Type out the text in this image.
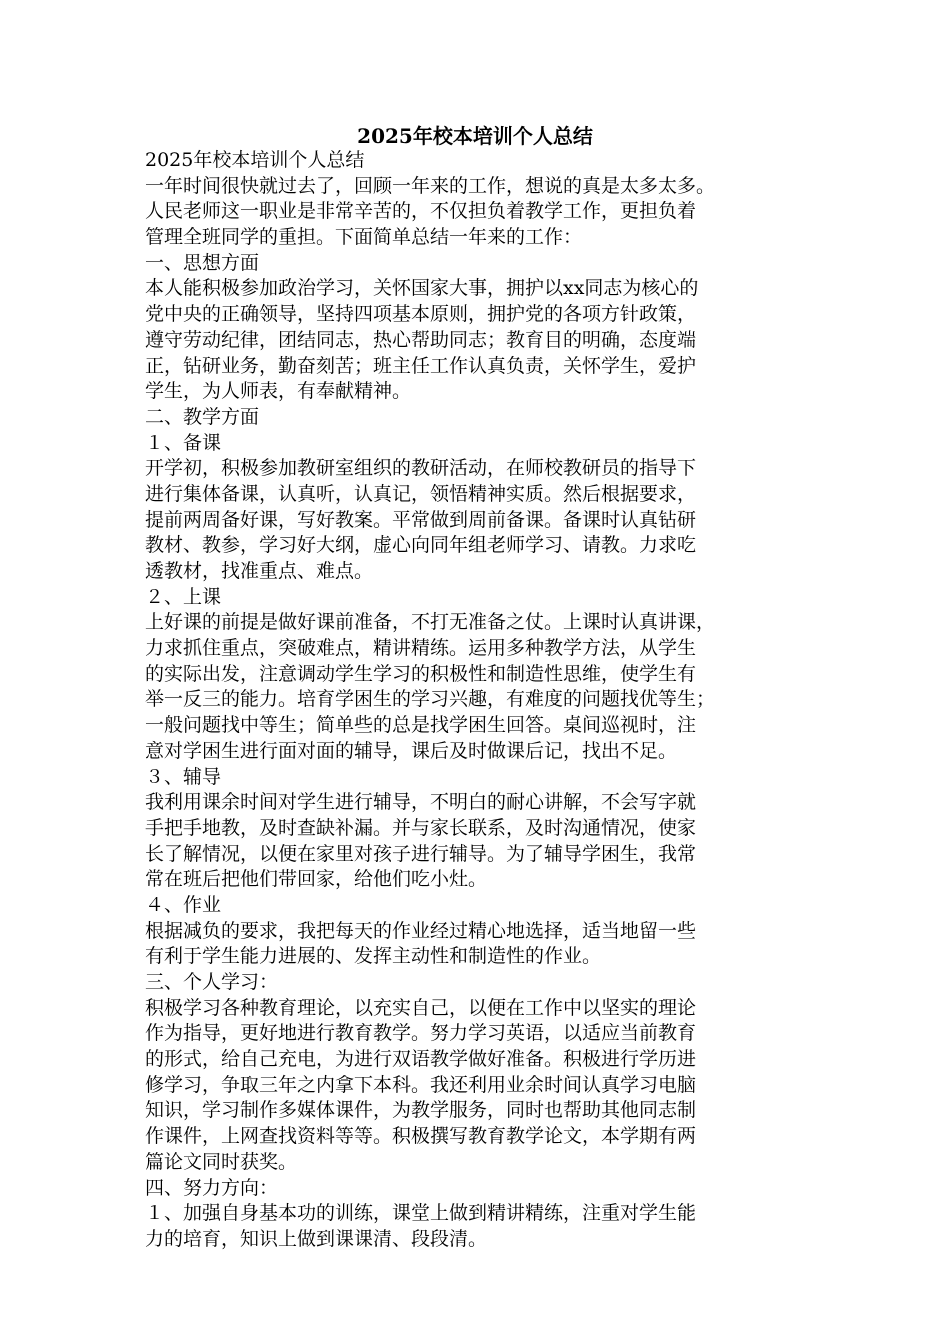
2025年校本培训个人总结
2025年校本培训个人总结
一年时间很快就过去了，回顾一年来的工作，想说的真是太多太多。
人民老师这一职业是非常辛苦的，不仅担负着教学工作，更担负着
管理全班同学的重担。下面简单总结一年来的工作：
一、思想方面
本人能积极参加政治学习，关怀国家大事，拥护以xx同志为核心的
党中央的正确领导，坚持四项基本原则，拥护党的各项方针政策，
遵守劳动纪律，团结同志，热心帮助同志；教育目的明确，态度端
正，钻研业务，勤奋刻苦；班主任工作认真负责，关怀学生，爱护
学生，为人师表，有奉献精神。
二、教学方面
１、备课
开学初，积极参加教研室组织的教研活动，在师校教研员的指导下
进行集体备课，认真听，认真记，领悟精神实质。然后根据要求，
提前两周备好课，写好教案。平常做到周前备课。备课时认真钻研
教材、教参，学习好大纲，虚心向同年组老师学习、请教。力求吃
透教材，找准重点、难点。
２、上课
上好课的前提是做好课前准备，不打无准备之仗。上课时认真讲课，
力求抓住重点，突破难点，精讲精练。运用多种教学方法，从学生
的实际出发，注意调动学生学习的积极性和制造性思维，使学生有
举一反三的能力。培育学困生的学习兴趣，有难度的问题找优等生；
一般问题找中等生；简单些的总是找学困生回答。桌间巡视时，注
意对学困生进行面对面的辅导，课后及时做课后记，找出不足。
３、辅导
我利用课余时间对学生进行辅导，不明白的耐心讲解，不会写字就
手把手地教，及时查缺补漏。并与家长联系，及时沟通情况，使家
长了解情况，以便在家里对孩子进行辅导。为了辅导学困生，我常
常在班后把他们带回家，给他们吃小灶。
４、作业
根据减负的要求，我把每天的作业经过精心地选择，适当地留一些
有利于学生能力进展的、发挥主动性和制造性的作业。
三、个人学习：
积极学习各种教育理论，以充实自己，以便在工作中以坚实的理论
作为指导，更好地进行教育教学。努力学习英语，以适应当前教育
的形式，给自己充电，为进行双语教学做好准备。积极进行学历进
修学习，争取三年之内拿下本科。我还利用业余时间认真学习电脑
知识，学习制作多媒体课件，为教学服务，同时也帮助其他同志制
作课件，上网查找资料等等。积极撰写教育教学论文，本学期有两
篇论文同时获奖。
四、努力方向：
１、加强自身基本功的训练，课堂上做到精讲精练，注重对学生能
力的培育，知识上做到课课清、段段清。
